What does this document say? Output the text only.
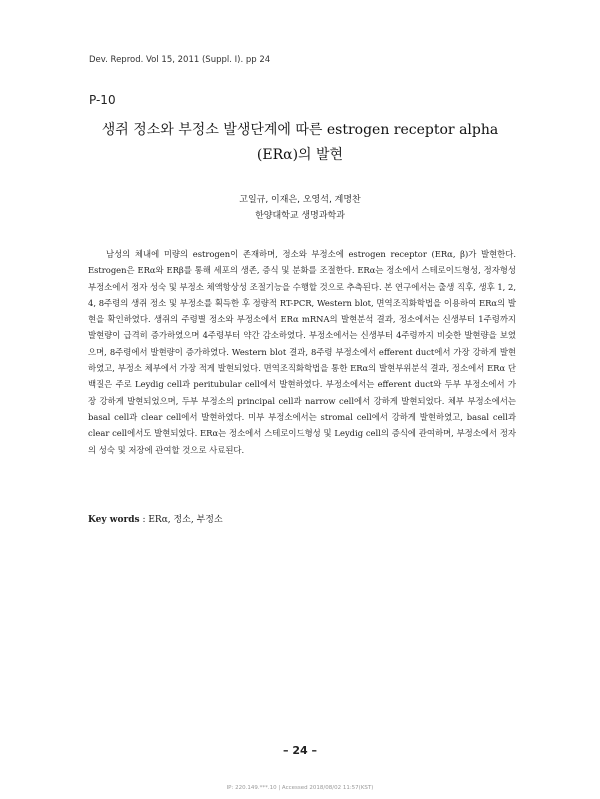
Dev. Reprod. Vol 15, 2011 (Suppl. I). pp 24
P-10
생쥐 정소와 부정소 발생단계에 따른 estrogen receptor alpha
(ERα)의 발현
고일규, 이재은, 오영석, 계명찬
한양대학교 생명과학과
남성의 체내에 미량의 estrogen이 존재하며, 정소와 부정소에 estrogen receptor (ERα, β)가 발현한다. Estrogen은 ERα와 ERβ를 통해 세포의 생존, 증식 및 분화를 조절한다. ERα는 정소에서 스테로이드형성, 정자형성 부정소에서 정자 성숙 및 부정소 체액항상성 조절기능을 수행할 것으로 추측된다. 본 연구에서는 출생 직후, 생후 1, 2, 4, 8주령의 생쥐 정소 및 부정소를 획득한 후 정량적 RT-PCR, Western blot, 면역조직화학법을 이용하여 ERα의 발현을 확인하였다. 생쥐의 주령별 정소와 부정소에서 ERα mRNA의 발현분석 결과, 정소에서는 신생부터 1주령까지 발현량이 급격히 증가하였으며 4주령부터 약간 감소하였다. 부정소에서는 신생부터 4주령까지 비슷한 발현량을 보였으며, 8주령에서 발현량이 증가하였다. Western blot 결과, 8주령 부정소에서 efferent duct에서 가장 강하게 발현하였고, 부정소 체부에서 가장 적게 발현되었다. 면역조직화학법을 통한 ERα의 발현부위분석 결과, 정소에서 ERα 단백질은 주로 Leydig cell과 peritubular cell에서 발현하였다. 부정소에서는 efferent duct와 두부 부정소에서 가장 강하게 발현되었으며, 두부 부정소의 principal cell과 narrow cell에서 강하게 발현되었다. 체부 부정소에서는 basal cell과 clear cell에서 발현하였다. 미부 부정소에서는 stromal cell에서 강하게 발현하였고, basal cell과 clear cell에서도 발현되었다. ERα는 정소에서 스테로이드형성 및 Leydig cell의 증식에 관여하며, 부정소에서 정자의 성숙 및 저장에 관여할 것으로 사료된다.
Key words : ERα, 정소, 부정소
– 24 –
IP: 220.149.***.10 | Accessed 2018/08/02 11:57(KST)
